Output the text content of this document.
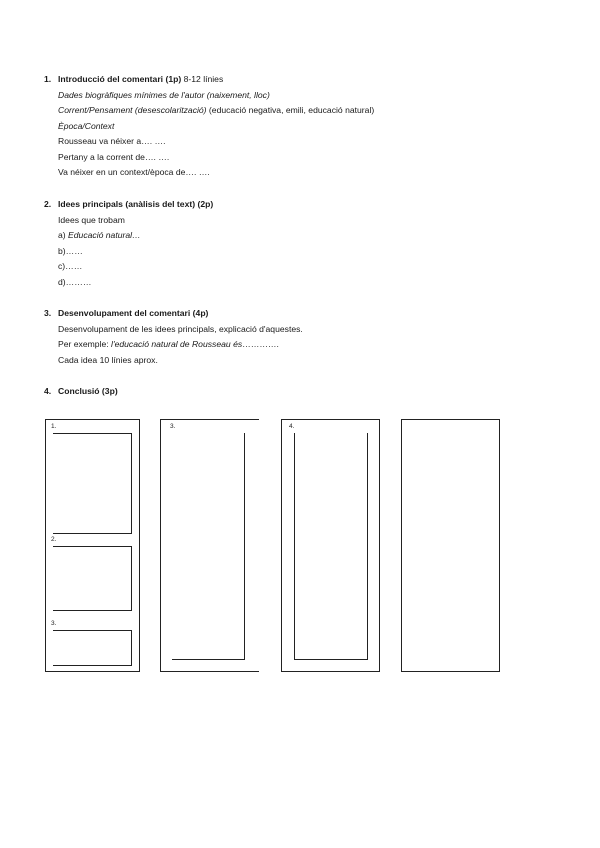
1. Introducció del comentari (1p) 8-12 línies
Dades biogràfiques mínimes de l'autor (naixement, lloc)
Corrent/Pensament (desescolarització) (educació negativa, emili, educació natural)
Època/Context
Rousseau va néixer a…. ….
Pertany a la corrent de…. ….
Va néixer en un context/època de…. ….
2. Idees principals (anàlisis del text) (2p)
Idees que trobam
a) Educació natural…
b)……
c)……
d)………
3. Desenvolupament del comentari (4p)
Desenvolupament de les idees principals, explicació d'aquestes.
Per exemple: l'educació natural de Rousseau és………….
Cada idea 10 línies aprox.
4. Conclusió (3p)
1.
2.
3.
3.	4.
